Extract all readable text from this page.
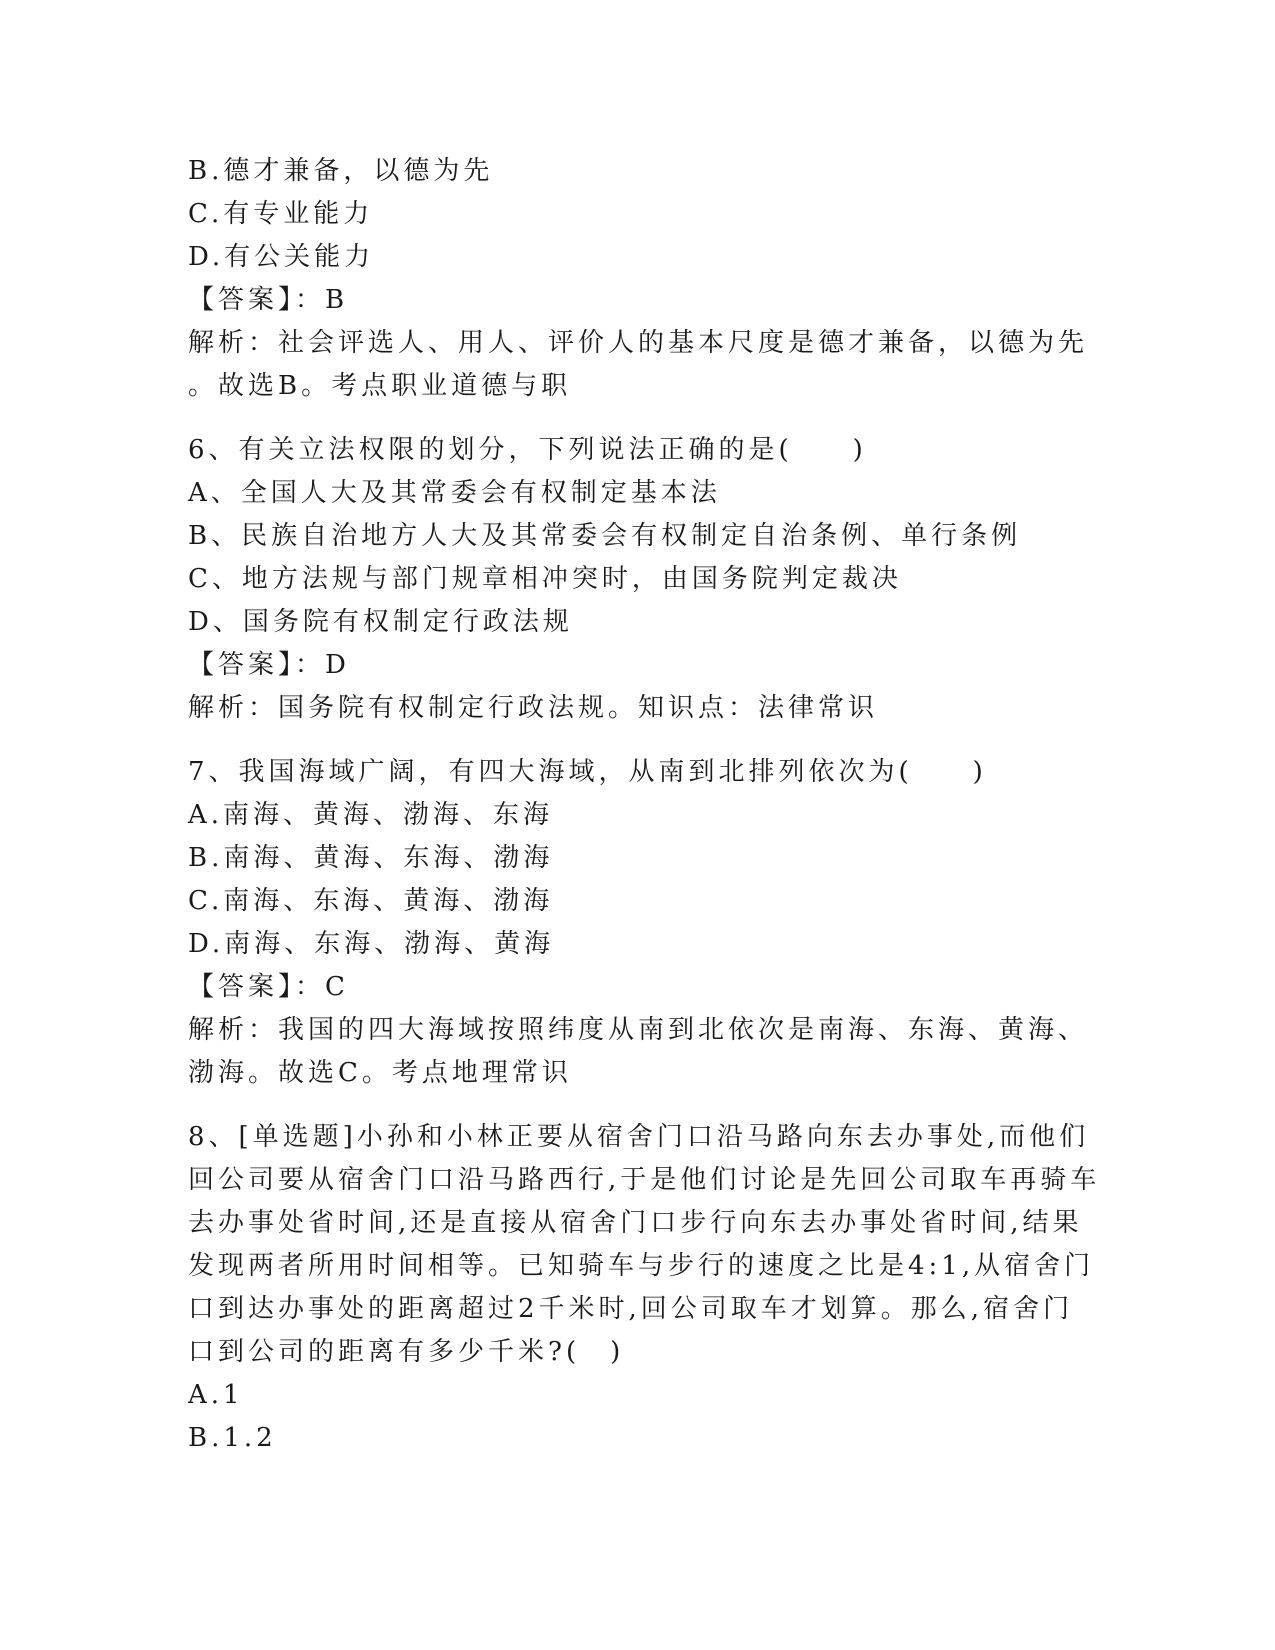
B.德才兼备，以德为先

C.有专业能力

D.有公关能力

【答案】：B

解析：社会评选人、用人、评价人的基本尺度是德才兼备，以德为先

。故选B。考点职业道德与职

6、有关立法权限的划分，下列说法正确的是(　　)

A、全国人大及其常委会有权制定基本法

B、民族自治地方人大及其常委会有权制定自治条例、单行条例

C、地方法规与部门规章相冲突时，由国务院判定裁决

D、国务院有权制定行政法规

【答案】：D

解析：国务院有权制定行政法规。知识点：法律常识

7、我国海域广阔，有四大海域，从南到北排列依次为(　　)

A.南海、黄海、渤海、东海

B.南海、黄海、东海、渤海

C.南海、东海、黄海、渤海

D.南海、东海、渤海、黄海

【答案】：C

解析：我国的四大海域按照纬度从南到北依次是南海、东海、黄海、

渤海。故选C。考点地理常识

8、[单选题]小孙和小林正要从宿舍门口沿马路向东去办事处,而他们

回公司要从宿舍门口沿马路西行,于是他们讨论是先回公司取车再骑车

去办事处省时间,还是直接从宿舍门口步行向东去办事处省时间,结果

发现两者所用时间相等。已知骑车与步行的速度之比是4:1,从宿舍门

口到达办事处的距离超过2千米时,回公司取车才划算。那么,宿舍门

口到公司的距离有多少千米?(　)

A.1

B.1.2
